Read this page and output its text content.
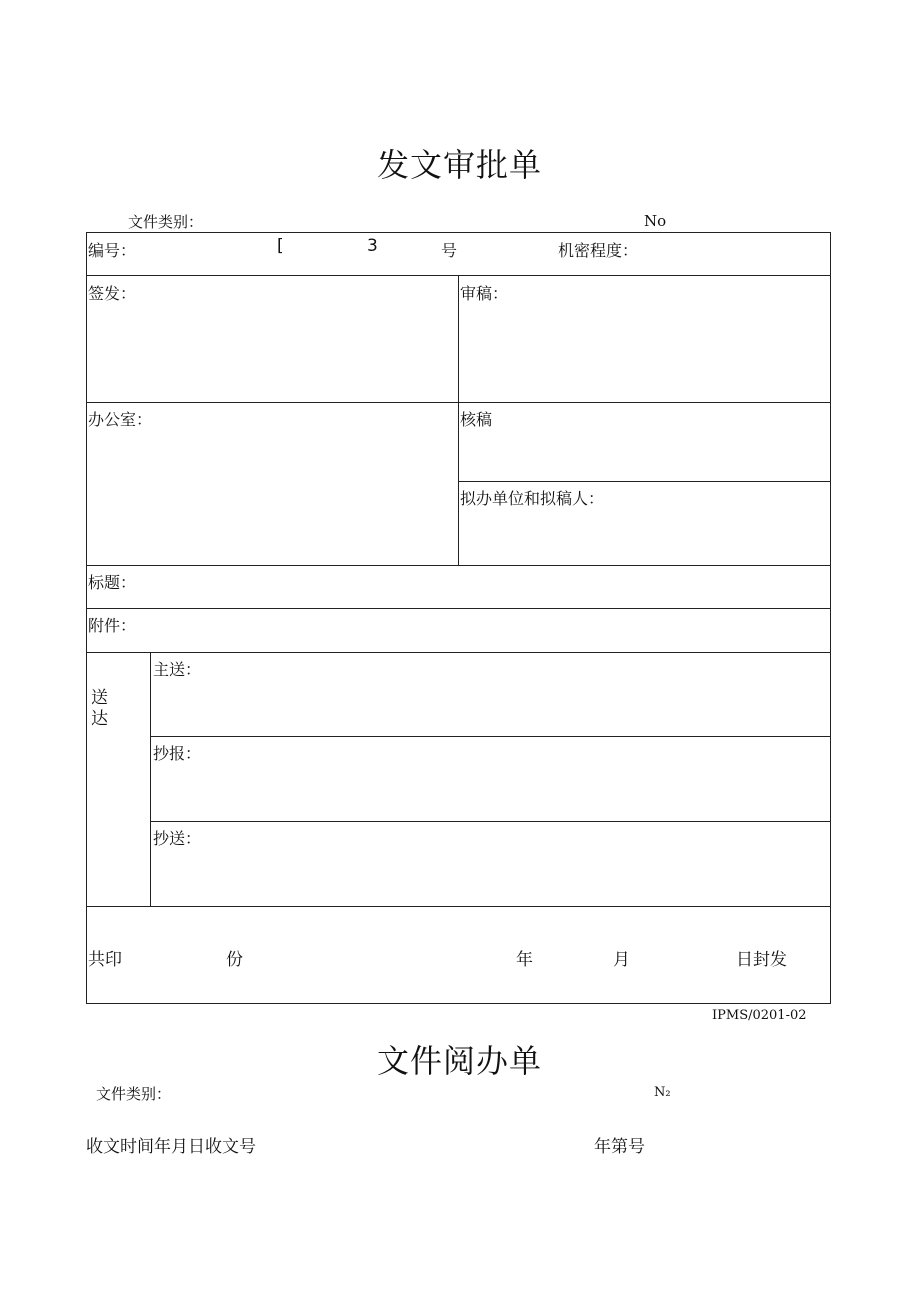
发文审批单
文件类别：	No
编号：	[	3	号	机密程度：
签发：	审稿：
办公室：	核稿
拟办单位和拟稿人：
标题：
附件：
送
达
主送：
抄报：
抄送：
共印	份	年	月	日封发
IPMS/0201-02
文件阅办单
文件类别：	N₂
收文时间年月日收文号	年第号
